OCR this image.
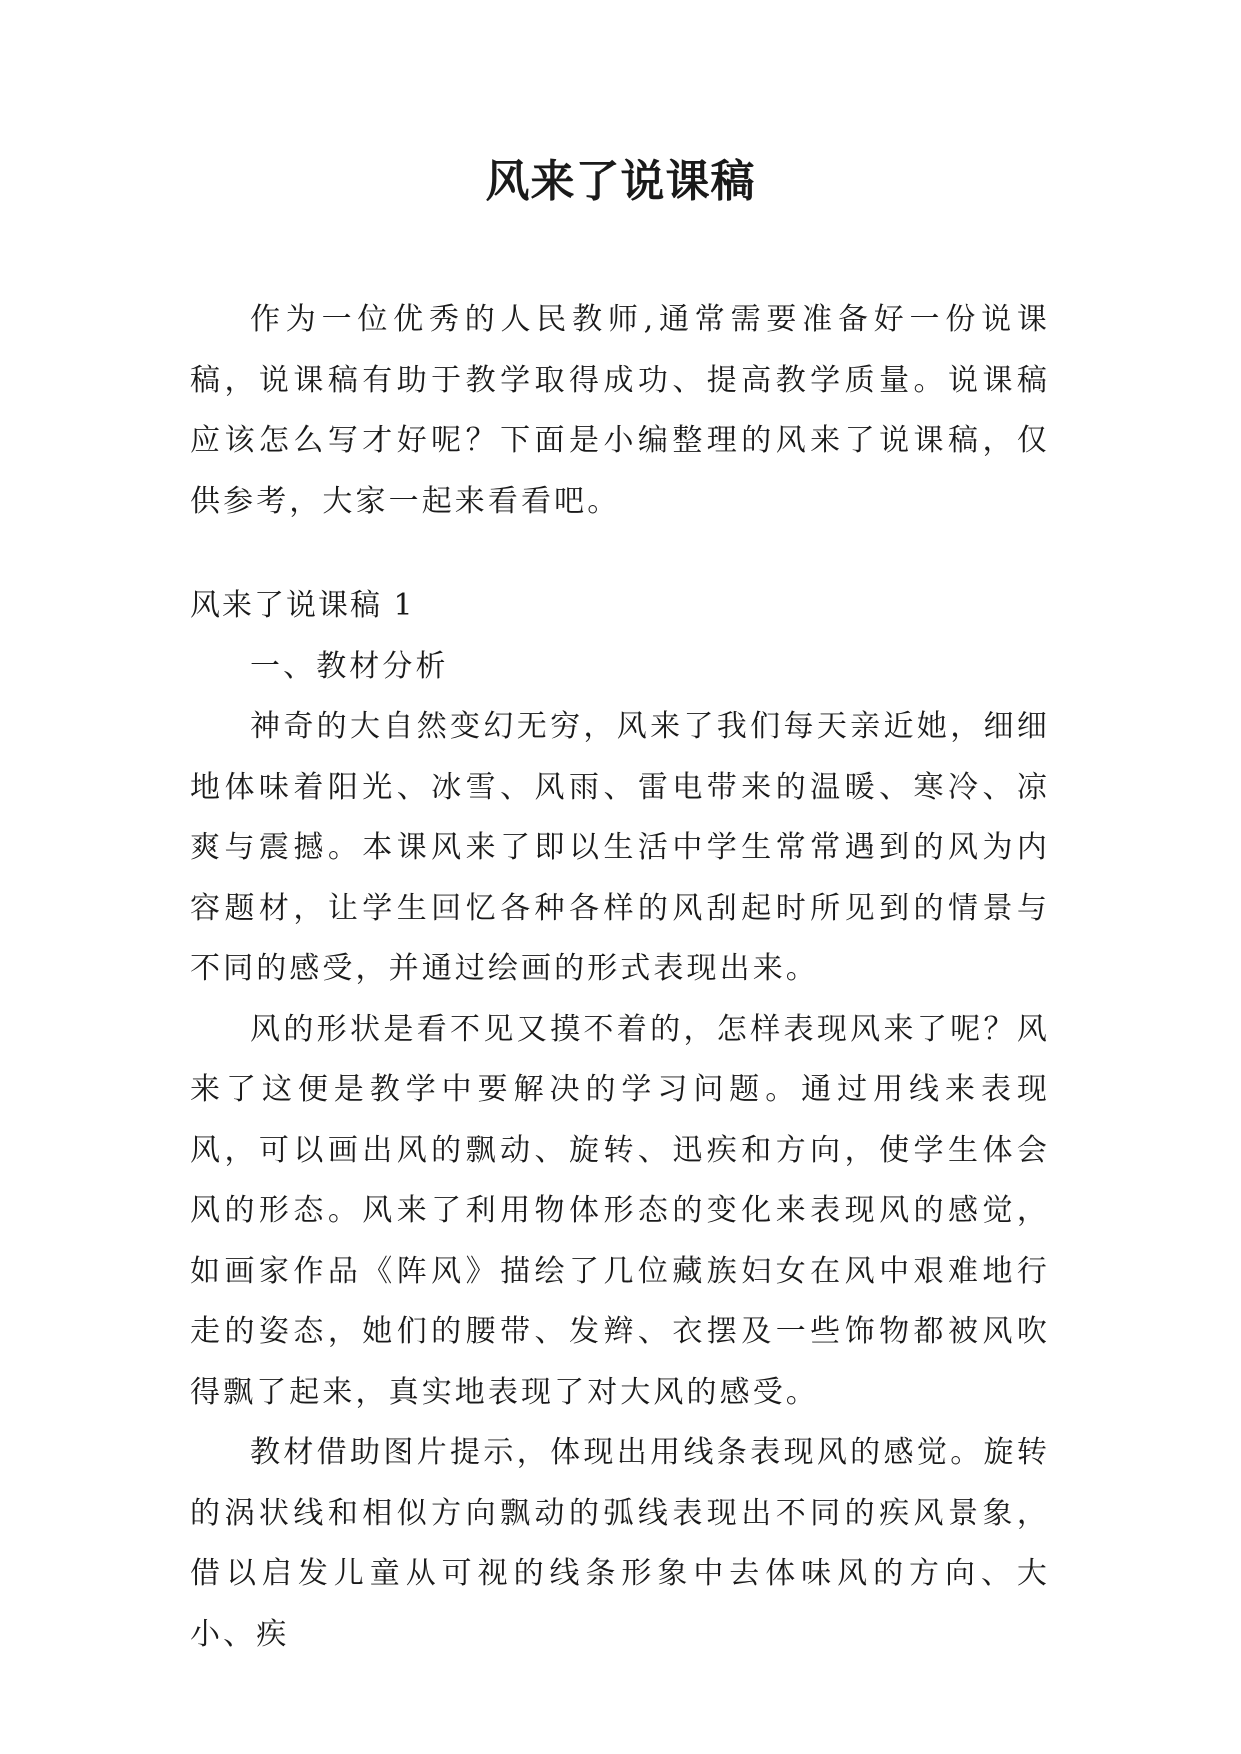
风来了说课稿

作为一位优秀的人民教师,通常需要准备好一份说课稿，说课稿有助于教学取得成功、提高教学质量。说课稿应该怎么写才好呢？下面是小编整理的风来了说课稿，仅供参考，大家一起来看看吧。

风来了说课稿 1

一、教材分析

神奇的大自然变幻无穷，风来了我们每天亲近她，细细地体味着阳光、冰雪、风雨、雷电带来的温暖、寒冷、凉爽与震撼。本课风来了即以生活中学生常常遇到的风为内容题材，让学生回忆各种各样的风刮起时所见到的情景与不同的感受，并通过绘画的形式表现出来。

风的形状是看不见又摸不着的，怎样表现风来了呢？风来了这便是教学中要解决的学习问题。通过用线来表现风，可以画出风的飘动、旋转、迅疾和方向，使学生体会风的形态。风来了利用物体形态的变化来表现风的感觉，如画家作品《阵风》描绘了几位藏族妇女在风中艰难地行走的姿态，她们的腰带、发辫、衣摆及一些饰物都被风吹得飘了起来，真实地表现了对大风的感受。

教材借助图片提示，体现出用线条表现风的感觉。旋转的涡状线和相似方向飘动的弧线表现出不同的疾风景象，借以启发儿童从可视的线条形象中去体味风的方向、大小、疾
